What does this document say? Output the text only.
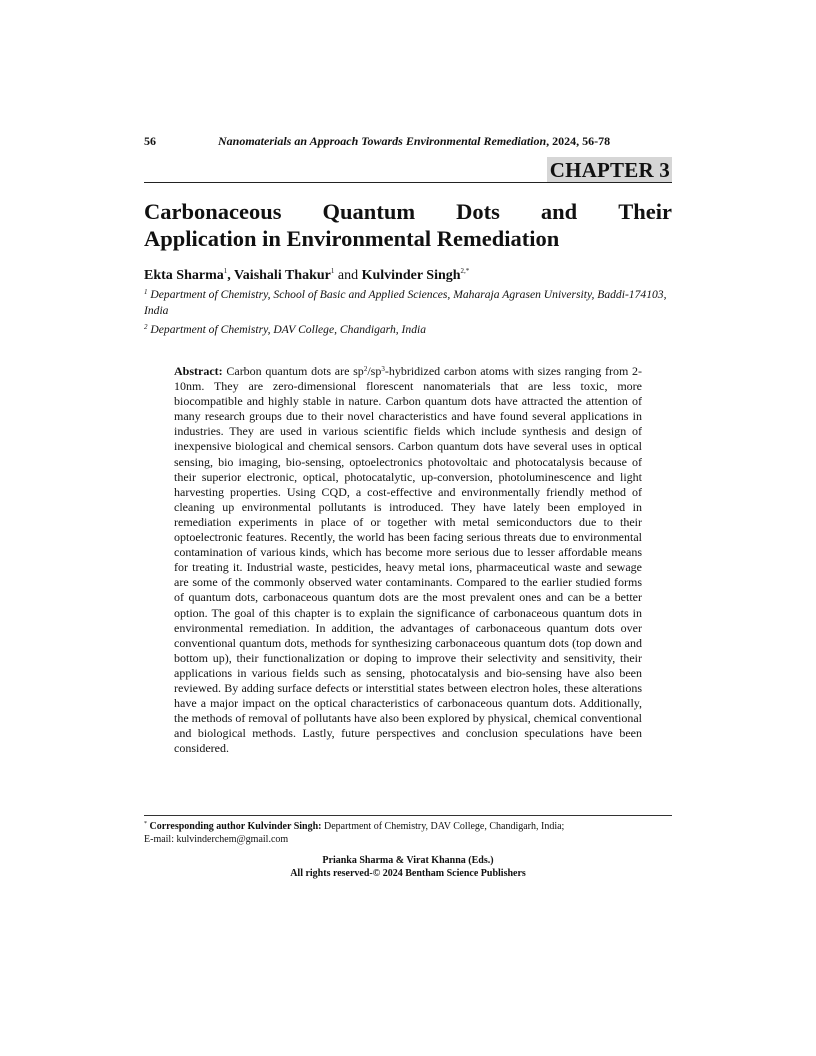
56	Nanomaterials an Approach Towards Environmental Remediation, 2024, 56-78
CHAPTER 3
Carbonaceous Quantum Dots and Their
Application in Environmental Remediation
Ekta Sharma$^1$, Vaishali Thakur$^1$ and Kulvinder Singh$^{2,*}$
$^1$ Department of Chemistry, School of Basic and Applied Sciences, Maharaja Agrasen University, Baddi-174103, India
$^2$ Department of Chemistry, DAV College, Chandigarh, India

Abstract: Carbon quantum dots are $sp^2/sp^3$-hybridized carbon atoms with sizes ranging from 2-10nm. They are zero-dimensional florescent nanomaterials that are less toxic, more biocompatible and highly stable in nature. Carbon quantum dots have attracted the attention of many research groups due to their novel characteristics and have found several applications in industries. They are used in various scientific fields which include synthesis and design of inexpensive biological and chemical sensors. Carbon quantum dots have several uses in optical sensing, bio imaging, bio-sensing, optoelectronics photovoltaic and photocatalysis because of their superior electronic, optical, photocatalytic, up-conversion, photoluminescence and light harvesting properties. Using CQD, a cost-effective and environmentally friendly method of cleaning up environmental pollutants is introduced. They have lately been employed in remediation experiments in place of or together with metal semiconductors due to their optoelectronic features. Recently, the world has been facing serious threats due to environmental contamination of various kinds, which has become more serious due to lesser affordable means for treating it. Industrial waste, pesticides, heavy metal ions, pharmaceutical waste and sewage are some of the commonly observed water contaminants. Compared to the earlier studied forms of quantum dots, carbonaceous quantum dots are the most prevalent ones and can be a better option. The goal of this chapter is to explain the significance of carbonaceous quantum dots in environmental remediation. In addition, the advantages of carbonaceous quantum dots over conventional quantum dots, methods for synthesizing carbonaceous quantum dots (top down and bottom up), their functionalization or doping to improve their selectivity and sensitivity, their applications in various fields such as sensing, photocatalysis and bio-sensing have also been reviewed. By adding surface defects or interstitial states between electron holes, these alterations have a major impact on the optical characteristics of carbonaceous quantum dots. Additionally, the methods of removal of pollutants have also been explored by physical, chemical conventional and biological methods. Lastly, future perspectives and conclusion speculations have been considered.

* Corresponding author Kulvinder Singh: Department of Chemistry, DAV College, Chandigarh, India;
E-mail: kulvinderchem@gmail.com
Prianka Sharma & Virat Khanna (Eds.)
All rights reserved-© 2024 Bentham Science Publishers
